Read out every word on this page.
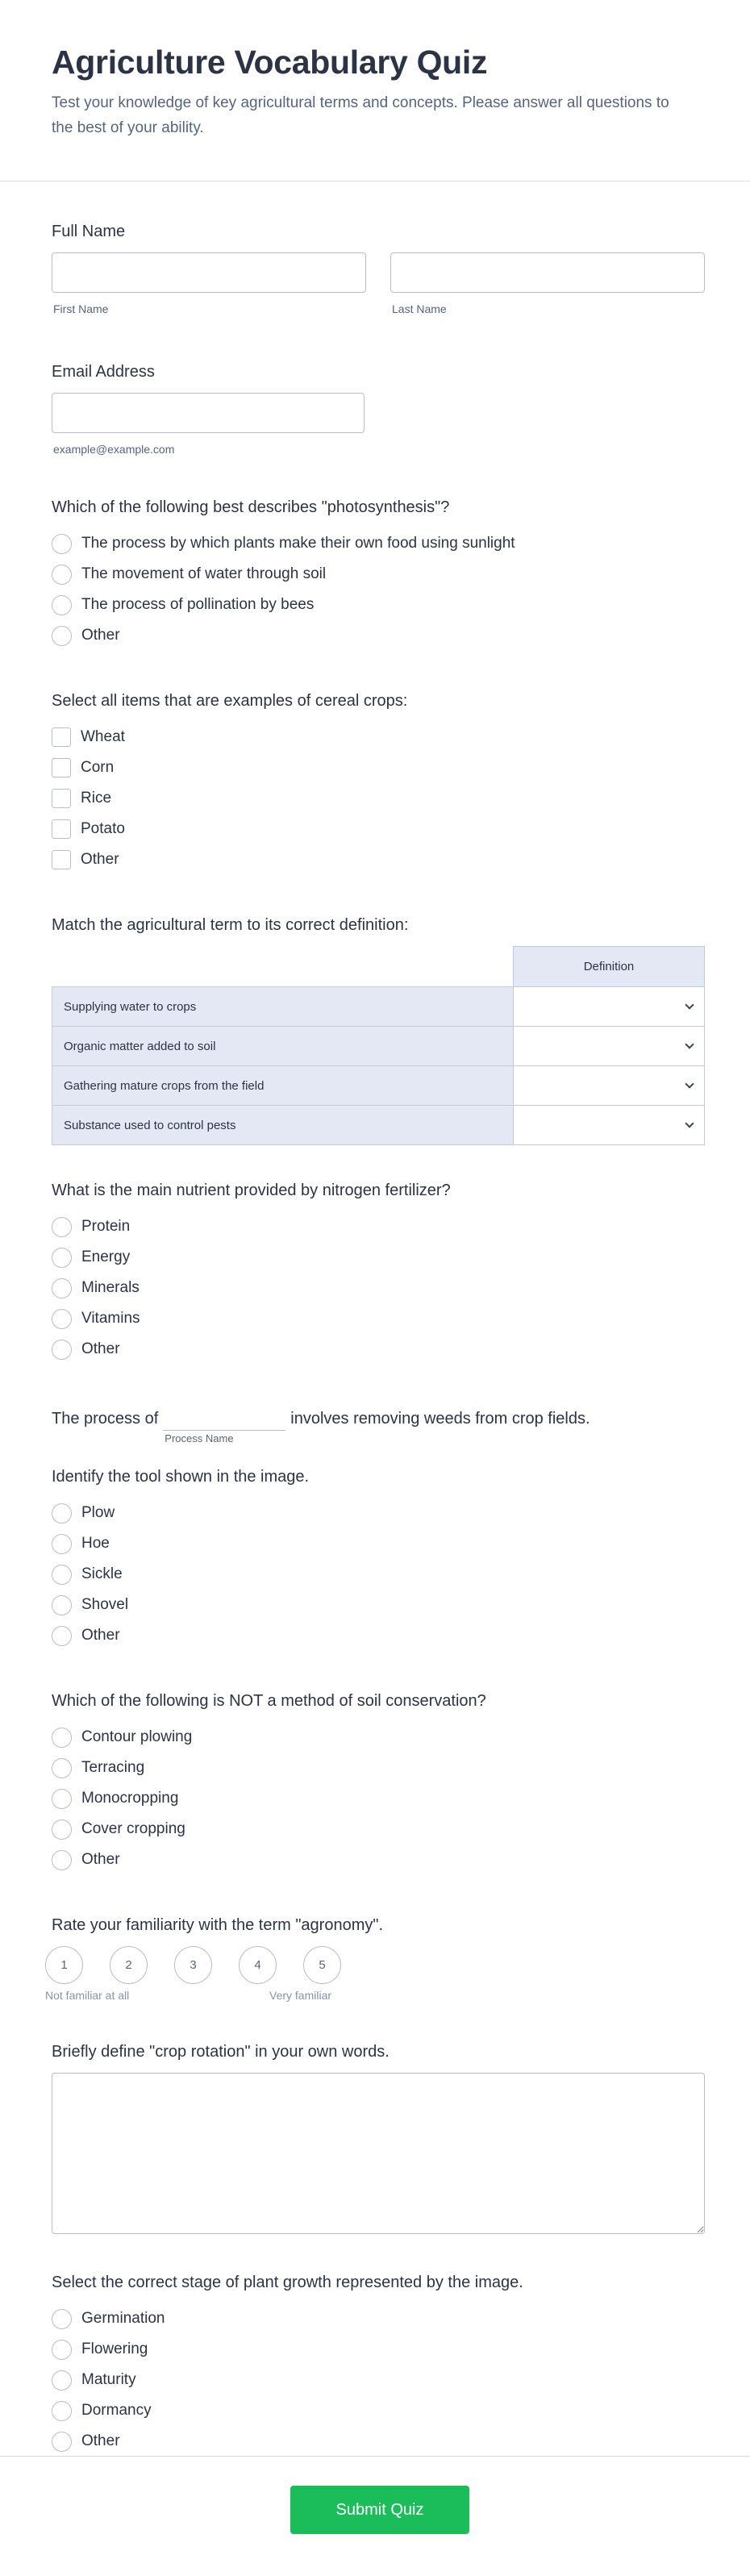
Agriculture Vocabulary Quiz

Test your knowledge of key agricultural terms and concepts. Please answer all questions to the best of your ability.

Full Name
First Name	Last Name
Email Address
example@example.com
Which of the following best describes "photosynthesis"?
The process by which plants make their own food using sunlight
The movement of water through soil
The process of pollination by bees
Other
Select all items that are examples of cereal crops:
Wheat
Corn
Rice
Potato
Other
Match the agricultural term to its correct definition:
	Definition
Supplying water to crops	

Organic matter added to soil	

Gathering mature crops from the field	

Substance used to control pests	
What is the main nutrient provided by nitrogen fertilizer?
Protein
Energy
Minerals
Vitamins
Other
The process of
Process Name
involves removing weeds from crop fields.
Identify the tool shown in the image.
Plow
Hoe
Sickle
Shovel
Other
Which of the following is NOT a method of soil conservation?
Contour plowing
Terracing
Monocropping
Cover cropping
Other
Rate your familiarity with the term "agronomy".
1	2	3	4	5
Not familiar at all	Very familiar
Briefly define "crop rotation" in your own words.
Select the correct stage of plant growth represented by the image.
Germination
Flowering
Maturity
Dormancy
Other
Submit Quiz
